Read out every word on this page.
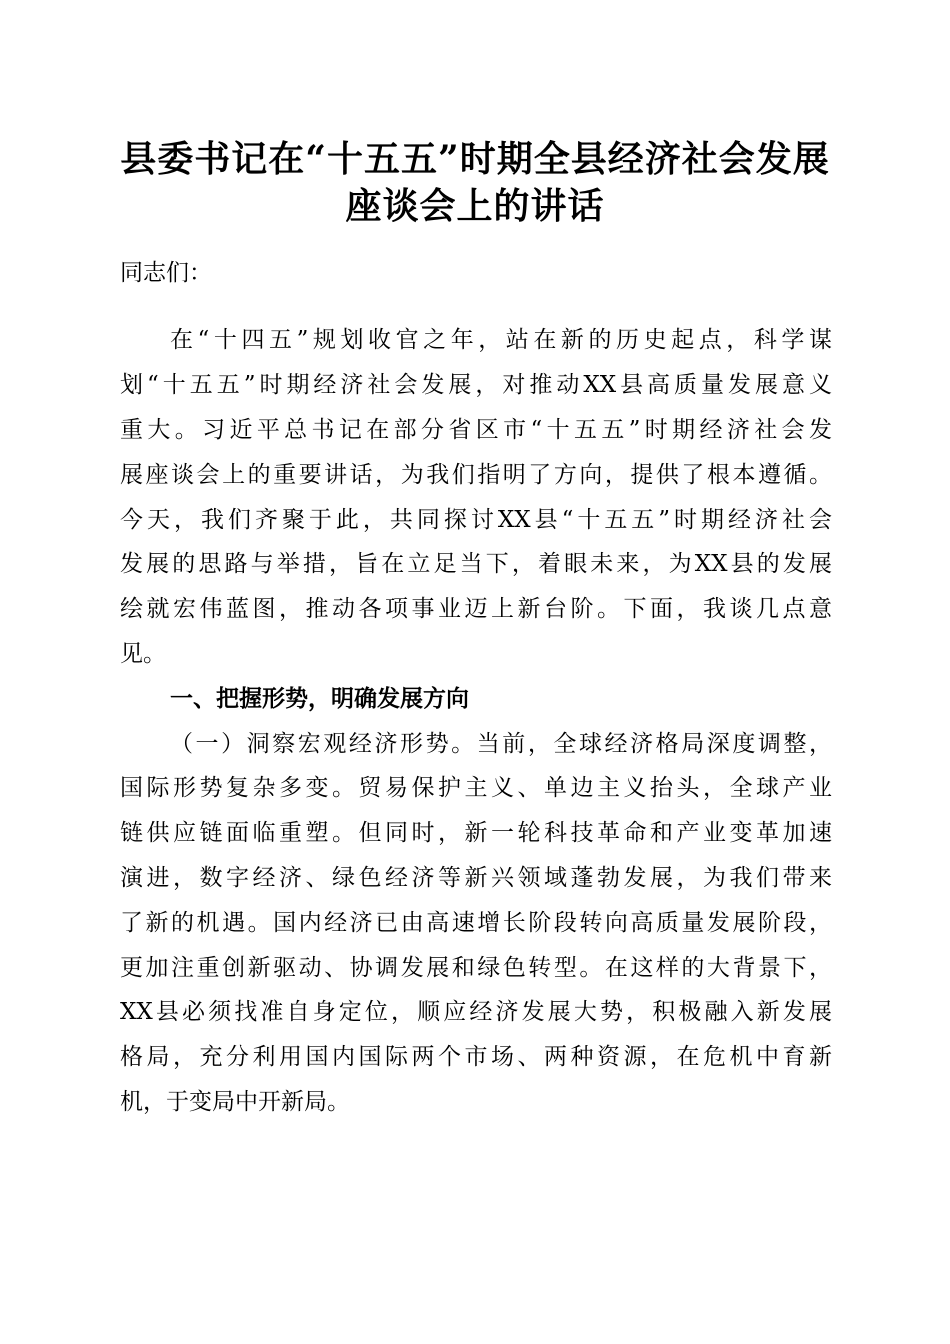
县委书记在“十五五”时期全县经济社会发展
座谈会上的讲话
同志们：
在“十四五”规划收官之年，站在新的历史起点，科学谋
划“十五五”时期经济社会发展，对推动XX县高质量发展意义
重大。习近平总书记在部分省区市“十五五”时期经济社会发
展座谈会上的重要讲话，为我们指明了方向，提供了根本遵循。
今天，我们齐聚于此，共同探讨XX县“十五五”时期经济社会
发展的思路与举措，旨在立足当下，着眼未来，为XX县的发展
绘就宏伟蓝图，推动各项事业迈上新台阶。下面，我谈几点意
见。
一、把握形势，明确发展方向
（一）洞察宏观经济形势。当前，全球经济格局深度调整，
国际形势复杂多变。贸易保护主义、单边主义抬头，全球产业
链供应链面临重塑。但同时，新一轮科技革命和产业变革加速
演进，数字经济、绿色经济等新兴领域蓬勃发展，为我们带来
了新的机遇。国内经济已由高速增长阶段转向高质量发展阶段，
更加注重创新驱动、协调发展和绿色转型。在这样的大背景下，
XX县必须找准自身定位，顺应经济发展大势，积极融入新发展
格局，充分利用国内国际两个市场、两种资源，在危机中育新
机，于变局中开新局。
